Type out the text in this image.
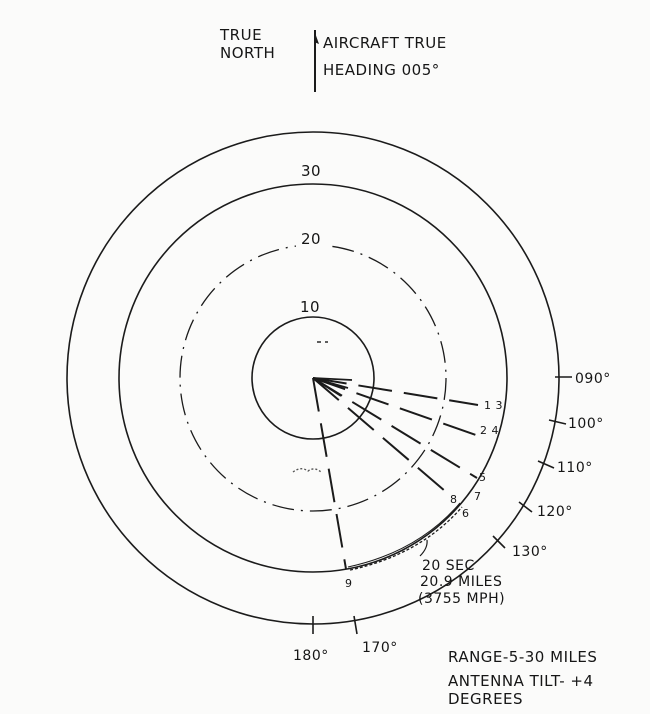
TRUE
NORTH
AIRCRAFT TRUE
HEADING 005°
10
20
30
090°
100°
110°
120°
130°
170°
180°
1 3
2 4
5
8 7
6
9
20 SEC
20.9 MILES
(3755 MPH)
RANGE-5-30 MILES
ANTENNA TILT- +4
DEGREES
